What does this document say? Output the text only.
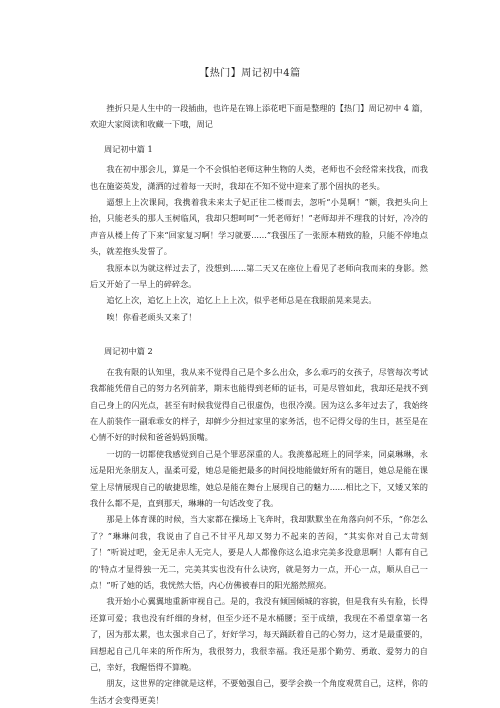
【热门】周记初中4篇

挫折只是人生中的一段插曲，也许是在锦上添花吧下面是整理的【热门】周记初中 4 篇，欢迎大家阅读和收藏一下哦，周记

周记初中篇 1

我在初中那会儿，算是一个不会惧怕老师这种生物的人类，老师也不会经常来找我，而我也在施姿英发，潇洒的过着每一天时，我却在不知不觉中迎来了那个固执的老头。

逼想上上次课间，我携着我未来太子妃正往二楼而去，忽听“小晃啊！”额，我把头向上抬，只能老头的那人玉树临风，我却只想呵呵”一凭老师好！”老师却并不理我的讨好，冷冷的声音从楼上传了下来“回家复习啊！学习就要......”我强压了一张原本精致的脸，只能不停地点头，就差抱头发誓了。

我原本以为就这样过去了，没想到......第二天又在座位上看见了老师向我而来的身影。然后又开始了一早上的碎碎念。

追忆上次，追忆上上次，追忆上上上次，似乎老师总是在我眼前晃来晃去。

唉！你看老顽头又来了！

周记初中篇 2

在我有限的认知里，我从来不觉得自己是个多么出众，多么乖巧的女孩子，尽管每次考试我都能凭借自己的努力名列前茅，期末也能得到老师的证书，可是尽管如此，我却还是找不到自己身上的闪光点，甚至有时候我觉得自己很虚伪，也很冷漠。因为这么多年过去了，我始终在人前装作一副乖乖女的样子，却鲜少分担过家里的家务活，也不记得父母的生日，甚至是在心情不好的时候和爸爸妈妈顶嘴。

一切的一切都使我感觉到自己是个罪恶深重的人。我羡慕起班上的同学来，同桌琳琳，永远是阳光条朋友人，温柔可爱，她总是能把最多的时间投地能做好所有的题目，她总是能在课堂上尽情展现自己的敏捷思维，她总是能在舞台上展现自己的魅力......相比之下，又矮又笨的我什么都不是，直到那天，琳琳的一句话改变了我。

那是上体育课的时候，当大家都在操场上飞奔时，我却默默坐在角落向何不乐，“你怎么了？”琳琳问我，我说由了自己不甘平凡却又努力不起来的苦闷，“其实你对自己太苛刻了！”听说过吧，金无足赤人无完人，要是人人都像你这么追求完美多没意思啊！人都有自己的'特点才显得独一无二，完美其实也没有什么诀窍，就是努力一点，开心一点，顺从自己一点！”听了她的话，我恍然大悟，内心仿佛被春日的阳光豁然照亮。

我开始小心翼翼地重新审视自己。是的，我没有倾国倾城的容貌，但是我有头有脸，长得还算可爱；我也没有纤细的身材，但至少还不是水桶腰；至于成绩，我现在不希望拿第一名了，因为那太累，也太强求自己了，好好学习，每天踊跃着自己的心努力，这才是最重要的，回想起自己几年来的所作所为，我很努力，我很幸福。我还是那个勤劳、勇敢、爱努力的自己，幸好，我醒悟得不算晚。

朋友，这世界的定律就是这样，不要勉强自己，要学会换一个角度观赏自己，这样，你的生活才会变得更美！
